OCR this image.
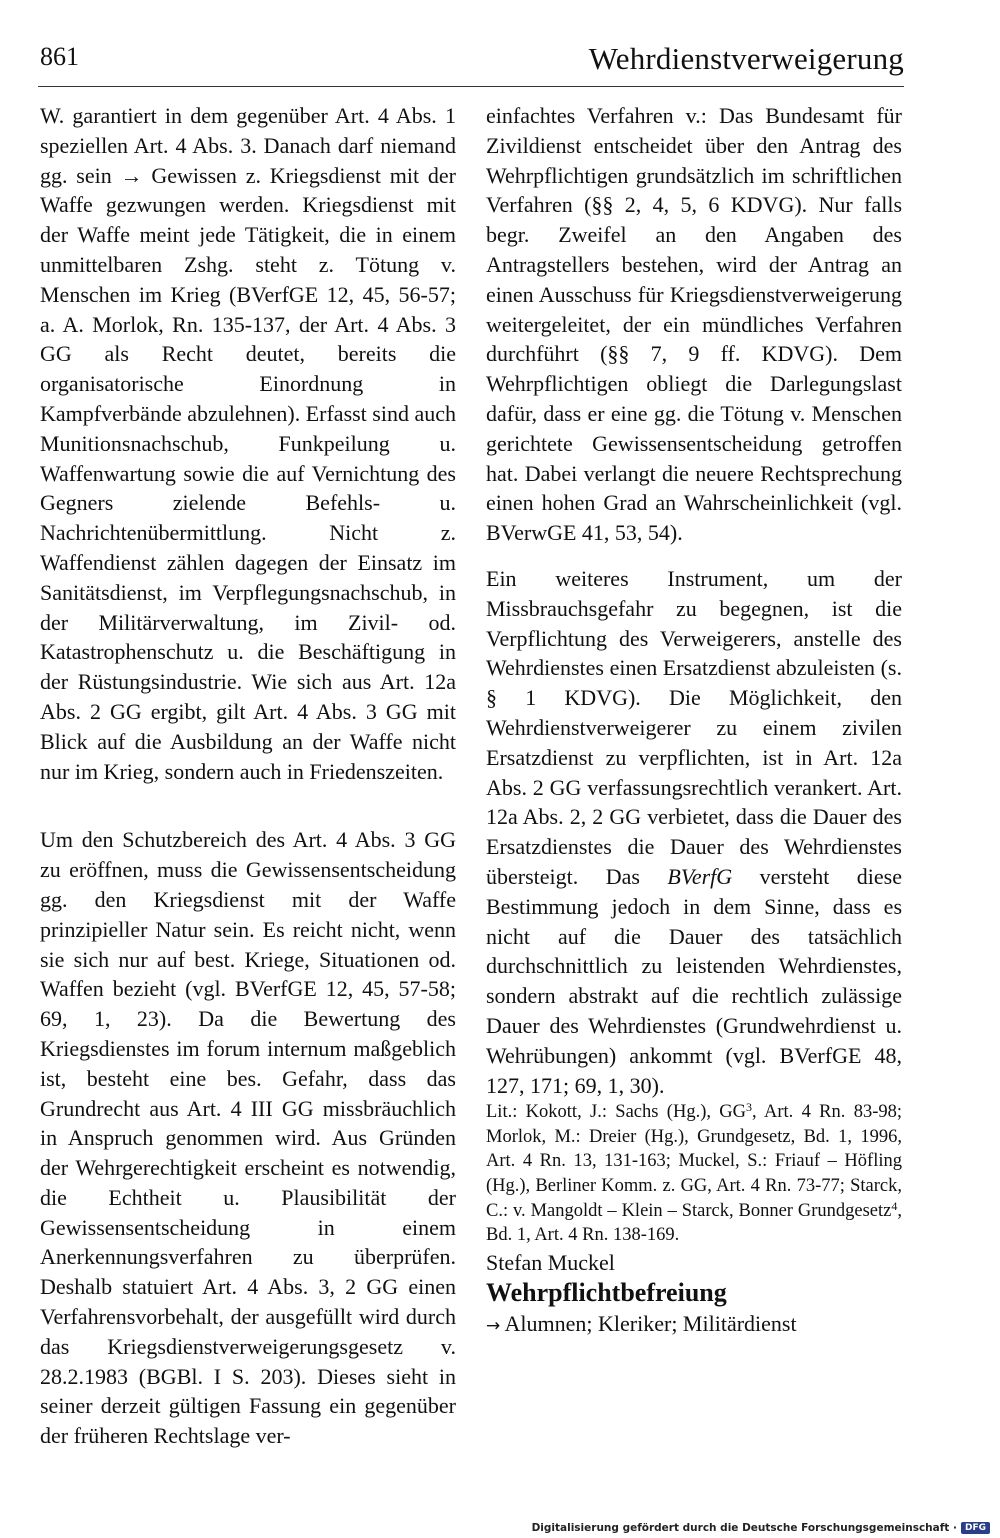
861	Wehrdienstverweigerung

W. garantiert in dem gegenüber Art. 4 Abs. 1 speziellen Art. 4 Abs. 3. Danach darf niemand gg. sein → Gewissen z. Kriegsdienst mit der Waffe gezwungen werden. Kriegsdienst mit der Waffe meint jede Tätigkeit, die in einem unmittelbaren Zshg. steht z. Tötung v. Menschen im Krieg (BVerfGE 12, 45, 56-57; a. A. Morlok, Rn. 135-137, der Art. 4 Abs. 3 GG als Recht deutet, bereits die organisatorische Einordnung in Kampfverbände abzulehnen). Erfasst sind auch Munitionsnachschub, Funkpeilung u. Waffenwartung sowie die auf Vernichtung des Gegners zielende Befehls- u. Nachrichtenübermittlung. Nicht z. Waffendienst zählen dagegen der Einsatz im Sanitätsdienst, im Verpflegungsnachschub, in der Militärverwaltung, im Zivil- od. Katastrophenschutz u. die Beschäftigung in der Rüstungsindustrie. Wie sich aus Art. 12a Abs. 2 GG ergibt, gilt Art. 4 Abs. 3 GG mit Blick auf die Ausbildung an der Waffe nicht nur im Krieg, sondern auch in Friedenszeiten.

Um den Schutzbereich des Art. 4 Abs. 3 GG zu eröffnen, muss die Gewissensentscheidung gg. den Kriegsdienst mit der Waffe prinzipieller Natur sein. Es reicht nicht, wenn sie sich nur auf best. Kriege, Situationen od. Waffen bezieht (vgl. BVerfGE 12, 45, 57-58; 69, 1, 23). Da die Bewertung des Kriegsdienstes im forum internum maßgeblich ist, besteht eine bes. Gefahr, dass das Grundrecht aus Art. 4 III GG missbräuchlich in Anspruch genommen wird. Aus Gründen der Wehrgerechtigkeit erscheint es notwendig, die Echtheit u. Plausibilität der Gewissensentscheidung in einem Anerkennungsverfahren zu überprüfen. Deshalb statuiert Art. 4 Abs. 3, 2 GG einen Verfahrensvorbehalt, der ausgefüllt wird durch das Kriegsdienstverweigerungsgesetz v. 28.2.1983 (BGBl. I S. 203). Dieses sieht in seiner derzeit gültigen Fassung ein gegenüber der früheren Rechtslage ver-

einfachtes Verfahren v.: Das Bundesamt für Zivildienst entscheidet über den Antrag des Wehrpflichtigen grundsätzlich im schriftlichen Verfahren (§§ 2, 4, 5, 6 KDVG). Nur falls begr. Zweifel an den Angaben des Antragstellers bestehen, wird der Antrag an einen Ausschuss für Kriegsdienstverweigerung weitergeleitet, der ein mündliches Verfahren durchführt (§§ 7, 9 ff. KDVG). Dem Wehrpflichtigen obliegt die Darlegungslast dafür, dass er eine gg. die Tötung v. Menschen gerichtete Gewissensentscheidung getroffen hat. Dabei verlangt die neuere Rechtsprechung einen hohen Grad an Wahrscheinlichkeit (vgl. BVerwGE 41, 53, 54).

Ein weiteres Instrument, um der Missbrauchsgefahr zu begegnen, ist die Verpflichtung des Verweigerers, anstelle des Wehrdienstes einen Ersatzdienst abzuleisten (s. § 1 KDVG). Die Möglichkeit, den Wehrdienstverweigerer zu einem zivilen Ersatzdienst zu verpflichten, ist in Art. 12a Abs. 2 GG verfassungsrechtlich verankert. Art. 12a Abs. 2, 2 GG verbietet, dass die Dauer des Ersatzdienstes die Dauer des Wehrdienstes übersteigt. Das BVerfG versteht diese Bestimmung jedoch in dem Sinne, dass es nicht auf die Dauer des tatsächlich durchschnittlich zu leistenden Wehrdienstes, sondern abstrakt auf die rechtlich zulässige Dauer des Wehrdienstes (Grundwehrdienst u. Wehrübungen) ankommt (vgl. BVerfGE 48, 127, 171; 69, 1, 30).

Lit.: Kokott, J.: Sachs (Hg.), $GG^3$, Art. 4 Rn. 83-98; Morlok, M.: Dreier (Hg.), Grundgesetz, Bd. 1, 1996, Art. 4 Rn. 13, 131-163; Muckel, S.: Friauf – Höfling (Hg.), Berliner Komm. z. GG, Art. 4 Rn. 73-77; Starck, C.: v. Mangoldt – Klein – Starck, Bonner Grundgesetz$^4$, Bd. 1, Art. 4 Rn. 138-169.

Stefan Muckel

Wehrpflichtbefreiung

→ Alumnen; Kleriker; Militärdienst

Digitalisierung gefördert durch die Deutsche Forschungsgemeinschaft · DFG
